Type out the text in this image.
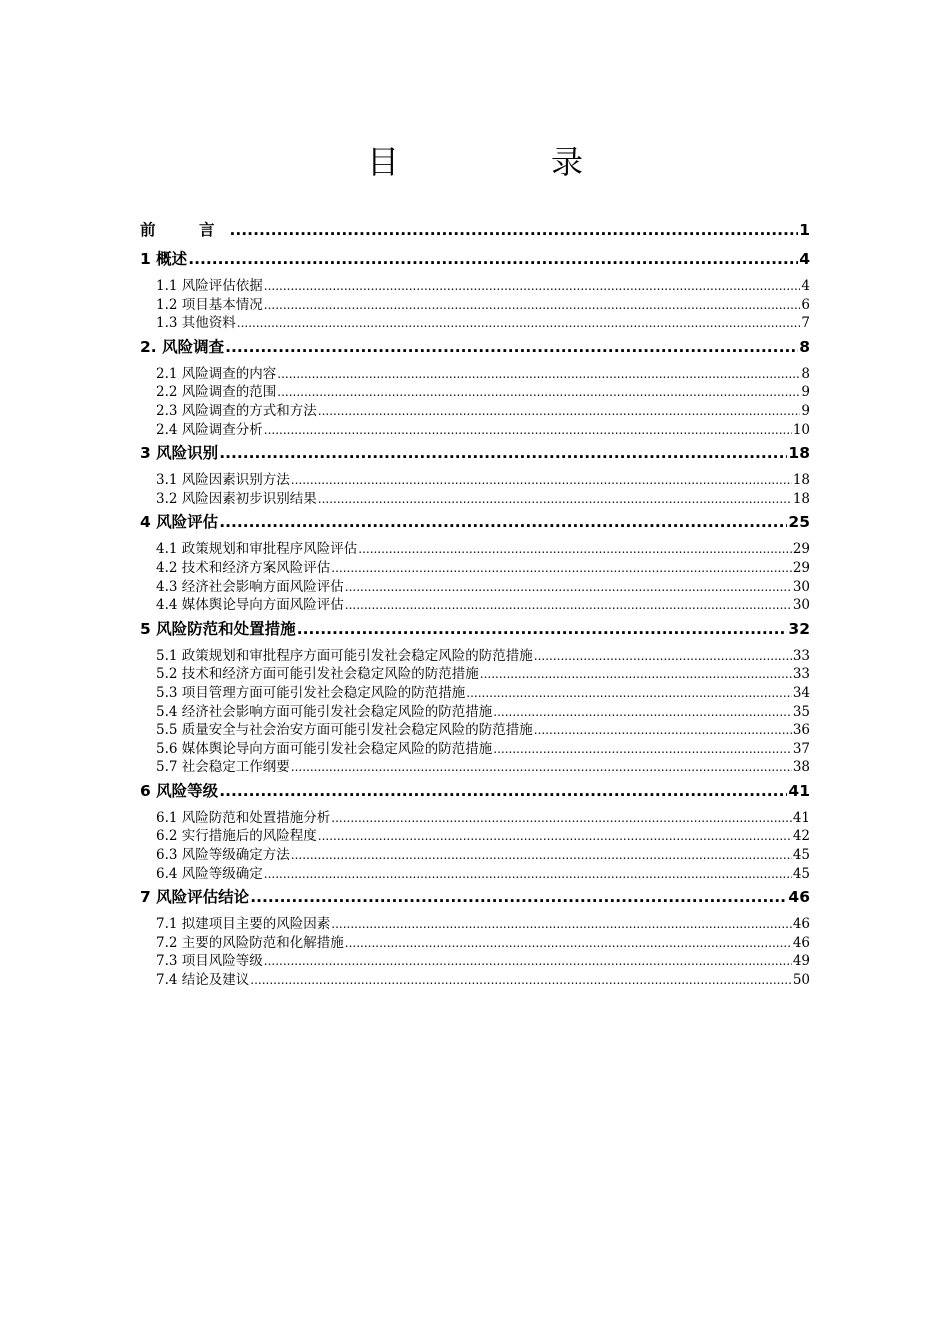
目　录
前　言 .....	1
1 概述 .....	4
1.1 风险评估依据 .....	4
1.2 项目基本情况 .....	6
1.3 其他资料 .....	7
2. 风险调查 .....	8
2.1 风险调查的内容 .....	8
2.2 风险调查的范围 .....	9
2.3 风险调查的方式和方法 .....	9
2.4 风险调查分析 .....	10
3 风险识别 .....	18
3.1 风险因素识别方法 .....	18
3.2 风险因素初步识别结果 .....	18
4 风险评估 .....	25
4.1 政策规划和审批程序风险评估 .....	29
4.2 技术和经济方案风险评估 .....	29
4.3 经济社会影响方面风险评估 .....	30
4.4 媒体舆论导向方面风险评估 .....	30
5 风险防范和处置措施 .....	32
5.1 政策规划和审批程序方面可能引发社会稳定风险的防范措施 .....	33
5.2 技术和经济方面可能引发社会稳定风险的防范措施 .....	33
5.3 项目管理方面可能引发社会稳定风险的防范措施 .....	34
5.4 经济社会影响方面可能引发社会稳定风险的防范措施 .....	35
5.5 质量安全与社会治安方面可能引发社会稳定风险的防范措施 .....	36
5.6 媒体舆论导向方面可能引发社会稳定风险的防范措施 .....	37
5.7 社会稳定工作纲要 .....	38
6 风险等级 .....	41
6.1 风险防范和处置措施分析 .....	41
6.2 实行措施后的风险程度 .....	42
6.3 风险等级确定方法 .....	45
6.4 风险等级确定 .....	45
7 风险评估结论 .....	46
7.1 拟建项目主要的风险因素 .....	46
7.2 主要的风险防范和化解措施 .....	46
7.3 项目风险等级 .....	49
7.4 结论及建议 .....	50
